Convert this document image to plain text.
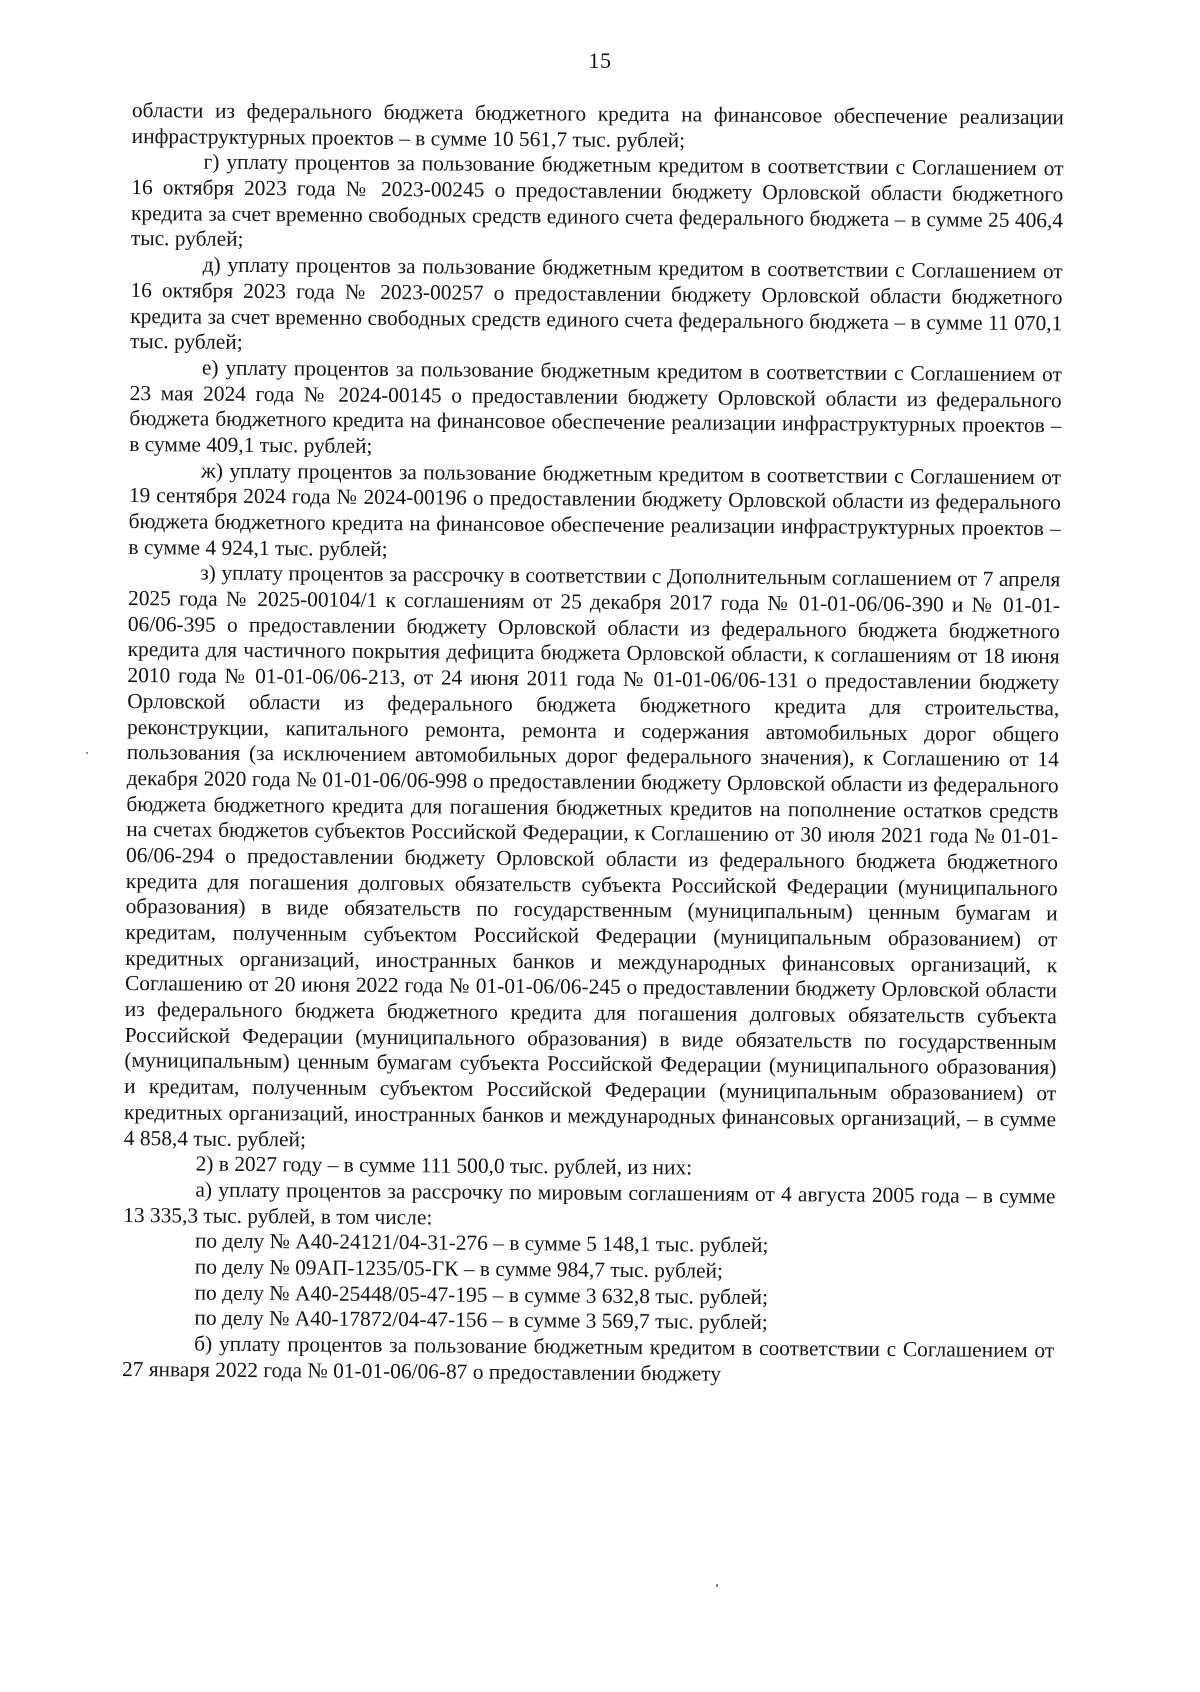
15

области из федерального бюджета бюджетного кредита на финансовое обеспечение реализации инфраструктурных проектов – в сумме 10 561,7 тыс. рублей;

г) уплату процентов за пользование бюджетным кредитом в соответствии с Соглашением от 16 октября 2023 года № 2023-00245 о предоставлении бюджету Орловской области бюджетного кредита за счет временно свободных средств единого счета федерального бюджета – в сумме 25 406,4 тыс. рублей;

д) уплату процентов за пользование бюджетным кредитом в соответствии с Соглашением от 16 октября 2023 года № 2023-00257 о предоставлении бюджету Орловской области бюджетного кредита за счет временно свободных средств единого счета федерального бюджета – в сумме 11 070,1 тыс. рублей;

е) уплату процентов за пользование бюджетным кредитом в соответствии с Соглашением от 23 мая 2024 года № 2024-00145 о предоставлении бюджету Орловской области из федерального бюджета бюджетного кредита на финансовое обеспечение реализации инфраструктурных проектов – в сумме 409,1 тыс. рублей;

ж) уплату процентов за пользование бюджетным кредитом в соответствии с Соглашением от 19 сентября 2024 года № 2024-00196 о предоставлении бюджету Орловской области из федерального бюджета бюджетного кредита на финансовое обеспечение реализации инфраструктурных проектов – в сумме 4 924,1 тыс. рублей;

з) уплату процентов за рассрочку в соответствии с Дополнительным соглашением от 7 апреля 2025 года № 2025-00104/1 к соглашениям от 25 декабря 2017 года № 01-01-06/06-390 и № 01-01-06/06-395 о предоставлении бюджету Орловской области из федерального бюджета бюджетного кредита для частичного покрытия дефицита бюджета Орловской области, к соглашениям от 18 июня 2010 года № 01-01-06/06-213, от 24 июня 2011 года № 01-01-06/06-131 о предоставлении бюджету Орловской области из федерального бюджета бюджетного кредита для строительства, реконструкции, капитального ремонта, ремонта и содержания автомобильных дорог общего пользования (за исключением автомобильных дорог федерального значения), к Соглашению от 14 декабря 2020 года № 01-01-06/06-998 о предоставлении бюджету Орловской области из федерального бюджета бюджетного кредита для погашения бюджетных кредитов на пополнение остатков средств на счетах бюджетов субъектов Российской Федерации, к Соглашению от 30 июля 2021 года № 01-01-06/06-294 о предоставлении бюджету Орловской области из федерального бюджета бюджетного кредита для погашения долговых обязательств субъекта Российской Федерации (муниципального образования) в виде обязательств по государственным (муниципальным) ценным бумагам и кредитам, полученным субъектом Российской Федерации (муниципальным образованием) от кредитных организаций, иностранных банков и международных финансовых организаций, к Соглашению от 20 июня 2022 года № 01-01-06/06-245 о предоставлении бюджету Орловской области из федерального бюджета бюджетного кредита для погашения долговых обязательств субъекта Российской Федерации (муниципального образования) в виде обязательств по государственным (муниципальным) ценным бумагам субъекта Российской Федерации (муниципального образования) и кредитам, полученным субъектом Российской Федерации (муниципальным образованием) от кредитных организаций, иностранных банков и международных финансовых организаций, – в сумме 4 858,4 тыс. рублей;

2) в 2027 году – в сумме 111 500,0 тыс. рублей, из них:

а) уплату процентов за рассрочку по мировым соглашениям от 4 августа 2005 года – в сумме 13 335,3 тыс. рублей, в том числе:

по делу № А40-24121/04-31-276 – в сумме 5 148,1 тыс. рублей;

по делу № 09АП-1235/05-ГК – в сумме 984,7 тыс. рублей;

по делу № А40-25448/05-47-195 – в сумме 3 632,8 тыс. рублей;

по делу № А40-17872/04-47-156 – в сумме 3 569,7 тыс. рублей;

б) уплату процентов за пользование бюджетным кредитом в соответствии с Соглашением от 27 января 2022 года № 01-01-06/06-87 о предоставлении бюджету
